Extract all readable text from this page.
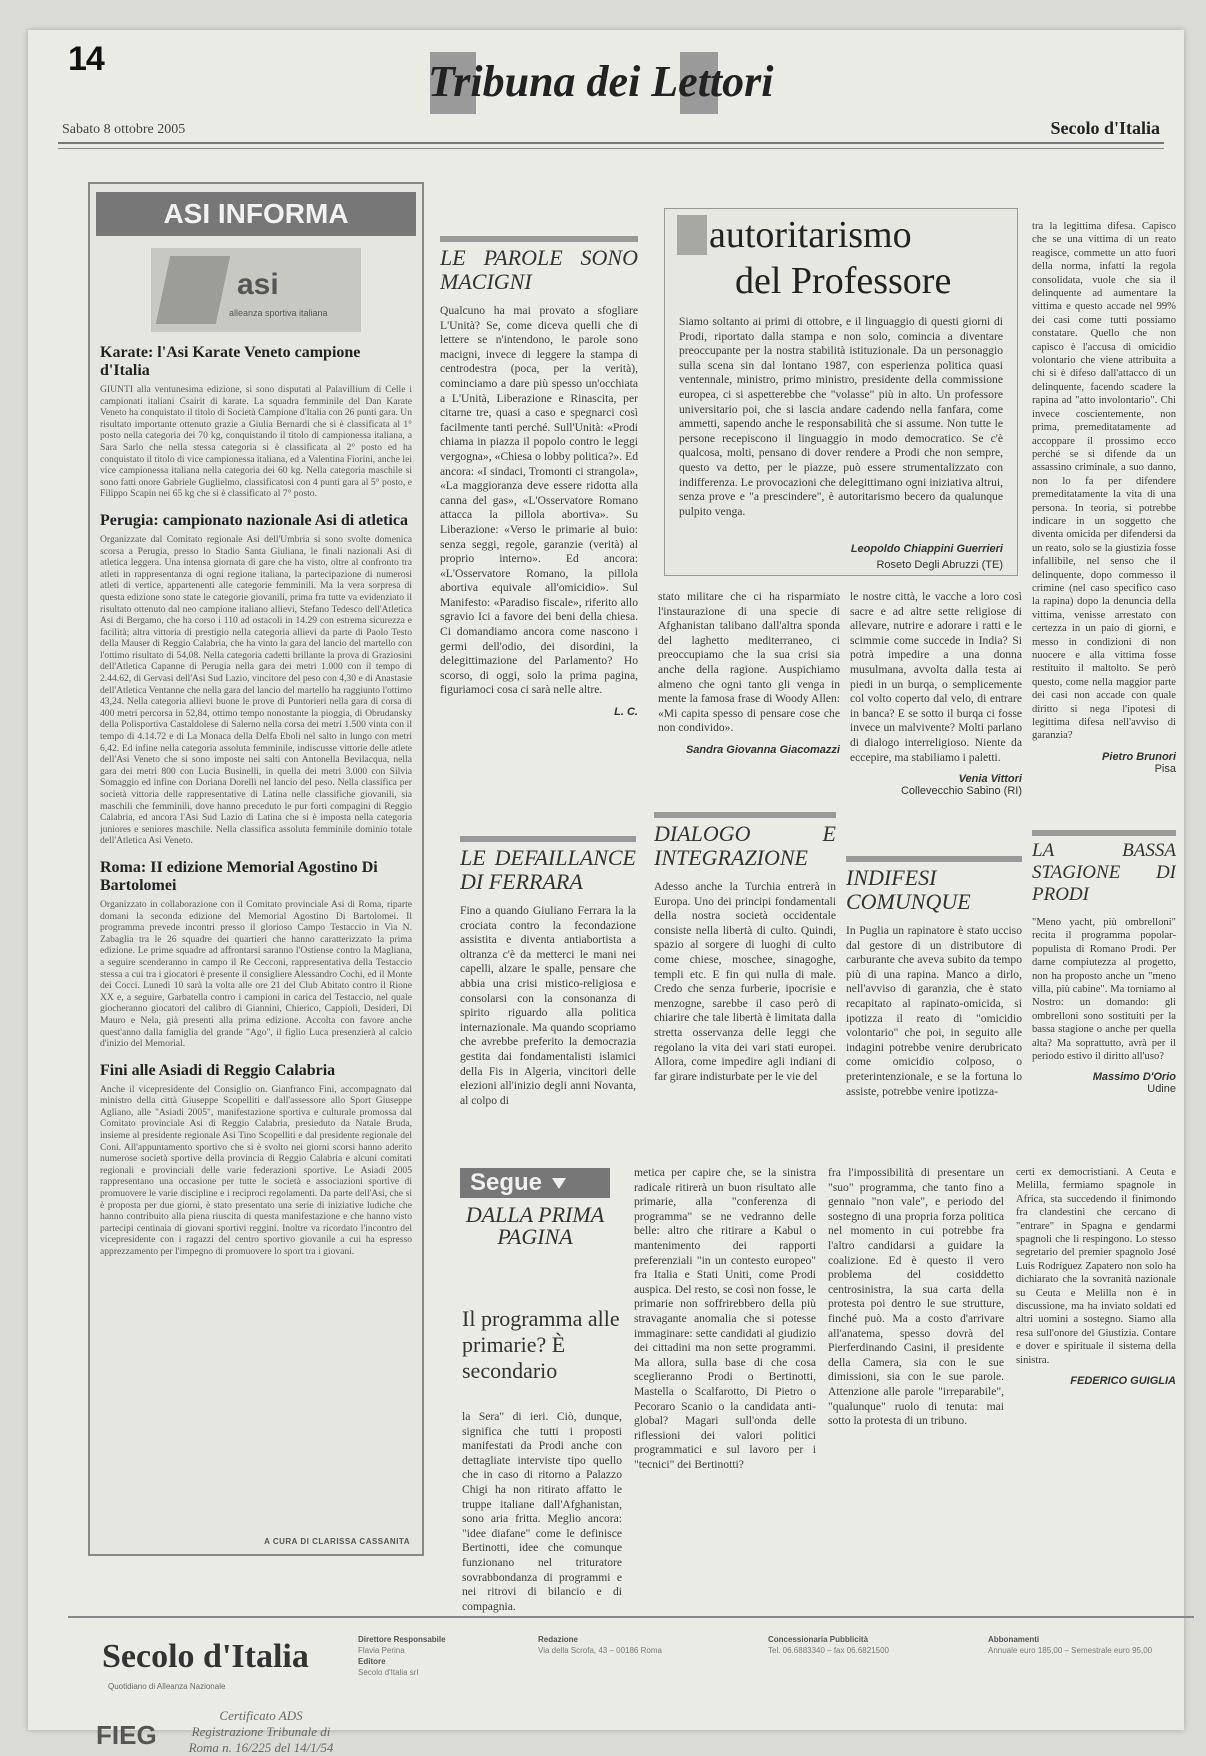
14	Tribuna dei Lettori
Sabato 8 ottobre 2005	Secolo d'Italia
ASI INFORMA
asi
alleanza sportiva italiana
Karate: l'Asi Karate Veneto campione d'Italia

GIUNTI alla ventunesima edizione, si sono disputati al Palavillium di Celle i campionati italiani Csairit di karate. La squadra femminile del Dan Karate Veneto ha conquistato il titolo di Società Campione d'Italia con 26 punti gara. Un risultato importante ottenuto grazie a Giulia Bernardi che si è classificata al 1° posto nella categoria dei 70 kg, conquistando il titolo di campionessa italiana, a Sara Sarlo che nella stessa categoria si è classificata al 2° posto ed ha conquistato il titolo di vice campionessa italiana, ed a Valentina Fiorini, anche lei vice campionessa italiana nella categoria dei 60 kg. Nella categoria maschile si sono fatti onore Gabriele Guglielmo, classificatosi con 4 punti gara al 5° posto, e Filippo Scapin nei 65 kg che si è classificato al 7° posto.

Perugia: campionato nazionale Asi di atletica

Organizzate dal Comitato regionale Asi dell'Umbria si sono svolte domenica scorsa a Perugia, presso lo Stadio Santa Giuliana, le finali nazionali Asi di atletica leggera. Una intensa giornata di gare che ha visto, oltre al confronto tra atleti in rappresentanza di ogni regione italiana, la partecipazione di numerosi atleti di vertice, appartenenti alle categorie femminili. Ma la vera sorpresa di questa edizione sono state le categorie giovanili, prima fra tutte va evidenziato il risultato ottenuto dal neo campione italiano allievi, Stefano Tedesco dell'Atletica Asi di Bergamo, che ha corso i 110 ad ostacoli in 14.29 con estrema sicurezza e facilità; altra vittoria di prestigio nella categoria allievi da parte di Paolo Testo della Mauser di Reggio Calabria, che ha vinto la gara del lancio del martello con l'ottimo risultato di 54,08. Nella categoria cadetti brillante la prova di Graziosini dell'Atletica Capanne di Perugia nella gara dei metri 1.000 con il tempo di 2.44.62, di Gervasi dell'Asi Sud Lazio, vincitore del peso con 4,30 e di Anastasie dell'Atletica Ventanne che nella gara del lancio del martello ha raggiunto l'ottimo 43,24. Nella categoria allievi buone le prove di Puntorieri nella gara di corsa di 400 metri percorsa in 52,84, ottimo tempo nonostante la pioggia, di Obrudansky della Polisportiva Castaldolese di Salerno nella corsa dei metri 1.500 vinta con il tempo di 4.14.72 e di La Monaca della Delfa Eboli nel salto in lungo con metri 6,42. Ed infine nella categoria assoluta femminile, indiscusse vittorie delle atlete dell'Asi Veneto che si sono imposte nei salti con Antonella Bevilacqua, nella gara dei metri 800 con Lucia Businelli, in quella dei metri 3.000 con Silvia Somaggio ed infine con Doriana Dorelli nel lancio del peso. Nella classifica per società vittoria delle rappresentative di Latina nelle classifiche giovanili, sia maschili che femminili, dove hanno preceduto le pur forti compagini di Reggio Calabria, ed ancora l'Asi Sud Lazio di Latina che si è imposta nella categoria juniores e seniores maschile. Nella classifica assoluta femminile dominio totale dell'Atletica Asi Veneto.

Roma: II edizione Memorial Agostino Di Bartolomei

Organizzato in collaborazione con il Comitato provinciale Asi di Roma, riparte domani la seconda edizione del Memorial Agostino Di Bartolomei. Il programma prevede incontri presso il glorioso Campo Testaccio in Via N. Zabaglia tra le 26 squadre dei quartieri che hanno caratterizzato la prima edizione. Le prime squadre ad affrontarsi saranno l'Ostiense contro la Magliana, a seguire scenderanno in campo il Re Cecconi, rappresentativa della Testaccio stessa a cui tra i giocatori è presente il consigliere Alessandro Cochi, ed il Monte dei Cocci. Lunedì 10 sarà la volta alle ore 21 del Club Abitato contro il Rione XX e, a seguire, Garbatella contro i campioni in carica del Testaccio, nel quale giocheranno giocatori del calibro di Giannini, Chierico, Cappioli, Desideri, Di Mauro e Nela, già presenti alla prima edizione. Accolta con favore anche quest'anno dalla famiglia del grande "Ago", il figlio Luca presenzierà al calcio d'inizio del Memorial.

Fini alle Asiadi di Reggio Calabria

Anche il vicepresidente del Consiglio on. Gianfranco Fini, accompagnato dal ministro della città Giuseppe Scopelliti e dall'assessore allo Sport Giuseppe Agliano, alle "Asiadi 2005", manifestazione sportiva e culturale promossa dal Comitato provinciale Asi di Reggio Calabria, presieduto da Natale Bruda, insieme al presidente regionale Asi Tino Scopelliti e dal presidente regionale del Coni. All'appuntamento sportivo che si è svolto nei giorni scorsi hanno aderito numerose società sportive della provincia di Reggio Calabria e alcuni comitati regionali e provinciali delle varie federazioni sportive. Le Asiadi 2005 rappresentano una occasione per tutte le società e associazioni sportive di promuovere le varie discipline e i reciproci regolamenti. Da parte dell'Asi, che si è proposta per due giorni, è stato presentato una serie di iniziative ludiche che hanno contribuito alla piena riuscita di questa manifestazione e che hanno visto partecipi centinaia di giovani sportivi reggini. Inoltre va ricordato l'incontro del vicepresidente con i ragazzi del centro sportivo giovanile a cui ha espresso apprezzamento per l'impegno di promuovere lo sport tra i giovani.

A CURA DI CLARISSA CASSANITA
LE PAROLE SONO MACIGNI

Qualcuno ha mai provato a sfogliare L'Unità? Se, come diceva quelli che di lettere se n'intendono, le parole sono macigni, invece di leggere la stampa di centrodestra (poca, per la verità), cominciamo a dare più spesso un'occhiata a L'Unità, Liberazione e Rinascita, per citarne tre, quasi a caso e spegnarci così facilmente tanti perché. Sull'Unità: «Prodi chiama in piazza il popolo contro le leggi vergogna», «Chiesa o lobby politica?». Ed ancora: «I sindaci, Tromonti ci strangola», «La maggioranza deve essere ridotta alla canna del gas», «L'Osservatore Romano attacca la pillola abortiva». Su Liberazione: «Verso le primarie al buio: senza seggi, regole, garanzie (verità) al proprio interno». Ed ancora: «L'Osservatore Romano, la pillola abortiva equivale all'omicidio». Sul Manifesto: «Paradiso fiscale», riferito allo sgravio Ici a favore dei beni della chiesa. Ci domandiamo ancora come nascono i germi dell'odio, dei disordini, la delegittimazione del Parlamento? Ho scorso, di oggi, solo la prima pagina, figuriamoci cosa ci sarà nelle altre.

L. C.
autoritarismo
del Professore
Siamo soltanto ai primi di ottobre, e il linguaggio di questi giorni di Prodi, riportato dalla stampa e non solo, comincia a diventare preoccupante per la nostra stabilità istituzionale. Da un personaggio sulla scena sin dal lontano 1987, con esperienza politica quasi ventennale, ministro, primo ministro, presidente della commissione europea, ci si aspetterebbe che "volasse" più in alto. Un professore universitario poi, che si lascia andare cadendo nella fanfara, come ammetti, sapendo anche le responsabilità che si assume. Non tutte le persone recepiscono il linguaggio in modo democratico. Se c'è qualcosa, molti, pensano di dover rendere a Prodi che non sempre, questo va detto, per le piazze, può essere strumentalizzato con indifferenza. Le provocazioni che delegittimano ogni iniziativa altrui, senza prove e "a prescindere", è autoritarismo becero da qualunque pulpito venga.
Leopoldo Chiappini Guerrieri
Roseto Degli Abruzzi (TE)

stato militare che ci ha risparmiato l'instaurazione di una specie di Afghanistan talibano dall'altra sponda del laghetto mediterraneo, ci preoccupiamo che la sua crisi sia anche della ragione. Auspichiamo almeno che ogni tanto gli venga in mente la famosa frase di Woody Allen: «Mi capita spesso di pensare cose che non condivido».

Sandra Giovanna Giacomazzi

le nostre città, le vacche a loro così sacre e ad altre sette religiose di allevare, nutrire e adorare i ratti e le scimmie come succede in India? Si potrà impedire a una donna musulmana, avvolta dalla testa ai piedi in un burqa, o semplicemente col volto coperto dal velo, di entrare in banca? E se sotto il burqa ci fosse invece un malvivente? Molti parlano di dialogo interreligioso. Niente da eccepire, ma stabiliamo i paletti.

Venia Vittori
Collevecchio Sabino (RI)

tra la legittima difesa. Capisco che se una vittima di un reato reagisce, commette un atto fuori della norma, infatti la regola consolidata, vuole che sia il delinquente ad aumentare la vittima e questo accade nel 99% dei casi come tutti possiamo constatare. Quello che non capisco è l'accusa di omicidio volontario che viene attribuita a chi si è difeso dall'attacco di un delinquente, facendo scadere la rapina ad "atto involontario". Chi invece coscientemente, non prima, premeditatamente ad accoppare il prossimo ecco perché se si difende da un assassino criminale, a suo danno, non lo fa per difendere premeditatamente la vita di una persona. In teoria, si potrebbe indicare in un soggetto che diventa omicida per difendersi da un reato, solo se la giustizia fosse infallibile, nel senso che il delinquente, dopo commesso il crimine (nel caso specifico caso la rapina) dopo la denuncia della vittima, venisse arrestato con certezza in un paio di giorni, e messo in condizioni di non nuocere e alla vittima fosse restituito il maltolto. Se però questo, come nella maggior parte dei casi non accade con quale diritto si nega l'ipotesi di legittima difesa nell'avviso di garanzia?

Pietro Brunori
Pisa
LE DEFAILLANCE DI FERRARA

Fino a quando Giuliano Ferrara la la crociata contro la fecondazione assistita e diventa antiabortista a oltranza c'è da metterci le mani nei capelli, alzare le spalle, pensare che abbia una crisi mistico-religiosa e consolarsi con la consonanza di spirito riguardo alla politica internazionale. Ma quando scopriamo che avrebbe preferito la democrazia gestita dai fondamentalisti islamici della Fis in Algeria, vincitori delle elezioni all'inizio degli anni Novanta, al colpo di

DIALOGO E INTEGRAZIONE

Adesso anche la Turchia entrerà in Europa. Uno dei principi fondamentali della nostra società occidentale consiste nella libertà di culto. Quindi, spazio al sorgere di luoghi di culto come chiese, moschee, sinagoghe, templi etc. E fin qui nulla di male. Credo che senza furberie, ipocrisie e menzogne, sarebbe il caso però di chiarire che tale libertà è limitata dalla stretta osservanza delle leggi che regolano la vita dei vari stati europei. Allora, come impedire agli indiani di far girare indisturbate per le vie del

INDIFESI COMUNQUE

In Puglia un rapinatore è stato ucciso dal gestore di un distributore di carburante che aveva subito da tempo più di una rapina. Manco a dirlo, nell'avviso di garanzia, che è stato recapitato al rapinato-omicida, si ipotizza il reato di "omicidio volontario" che poi, in seguito alle indagini potrebbe venire derubricato come omicidio colposo, o preterintenzionale, e se la fortuna lo assiste, potrebbe venire ipotizza-

LA BASSA STAGIONE DI PRODI

"Meno yacht, più ombrelloni" recita il programma popolar-populista di Romano Prodi. Per darne compiutezza al progetto, non ha proposto anche un "meno villa, più cabine". Ma torniamo al Nostro: un domando: gli ombrelloni sono sostituiti per la bassa stagione o anche per quella alta? Ma soprattutto, avrà per il periodo estivo il diritto all'uso?

Massimo D'Orio
Udine
Segue
DALLA PRIMA PAGINA
Il programma alle primarie? È secondario
la Sera" di ieri. Ciò, dunque, significa che tutti i proposti manifestati da Prodi anche con dettagliate interviste tipo quello che in caso di ritorno a Palazzo Chigi ha non ritirato affatto le truppe italiane dall'Afghanistan, sono aria fritta. Meglio ancora: "idee diafane" come le definisce Bertinotti, idee che comunque funzionano nel trituratore sovrabbondanza di programmi e nei ritrovi di bilancio e di compagnia.
metica per capire che, se la sinistra radicale ritirerà un buon risultato alle primarie, alla "conferenza di programma" se ne vedranno delle belle: altro che ritirare a Kabul o mantenimento dei rapporti preferenziali "in un contesto europeo" fra Italia e Stati Uniti, come Prodi auspica. Del resto, se così non fosse, le primarie non soffrirebbero della più stravagante anomalia che si potesse immaginare: sette candidati al giudizio dei cittadini ma non sette programmi. Ma allora, sulla base di che cosa sceglieranno Prodi o Bertinotti, Mastella o Scalfarotto, Di Pietro o Pecoraro Scanio o la candidata anti-global? Magari sull'onda delle riflessioni dei valori politici programmatici e sul lavoro per i "tecnici" dei Bertinotti?
fra l'impossibilità di presentare un "suo" programma, che tanto fino a gennaio "non vale", e periodo del sostegno di una propria forza politica nel momento in cui potrebbe fra l'altro candidarsi a guidare la coalizione. Ed è questo il vero problema del cosiddetto centrosinistra, la sua carta della protesta poi dentro le sue strutture, finché può. Ma a costo d'arrivare all'anatema, spesso dovrà del Pierferdinando Casini, il presidente della Camera, sia con le sue dimissioni, sia con le sue parole. Attenzione alle parole "irreparabile", "qualunque" ruolo di tenuta: mai sotto la protesta di un tribuno.

certi ex democristiani. A Ceuta e Melilla, fermiamo spagnole in Africa, sta succedendo il finimondo fra clandestini che cercano di "entrare" in Spagna e gendarmi spagnoli che li respingono. Lo stesso segretario del premier spagnolo José Luis Rodríguez Zapatero non solo ha dichiarato che la sovranità nazionale su Ceuta e Melilla non è in discussione, ma ha inviato soldati ed altri uomini a sostegno. Siamo alla resa sull'onore del Giustizia. Contare e dover e spirituale il sistema della sinistra.

FEDERICO GUIGLIA
Secolo d'Italia
Quotidiano di Alleanza Nazionale
FIEG
Certificato ADS Registrazione Tribunale di Roma n. 16/225 del 14/1/54
Direttore Responsabile
Flavia Perina
Editore
Secolo d'Italia srl
Redazione
Via della Scrofa, 43 – 00186 Roma
Concessionaria Pubblicità
Tel. 06.6883340 – fax 06.6821500
Abbonamenti
Annuale euro 185,00 – Semestrale euro 95,00
